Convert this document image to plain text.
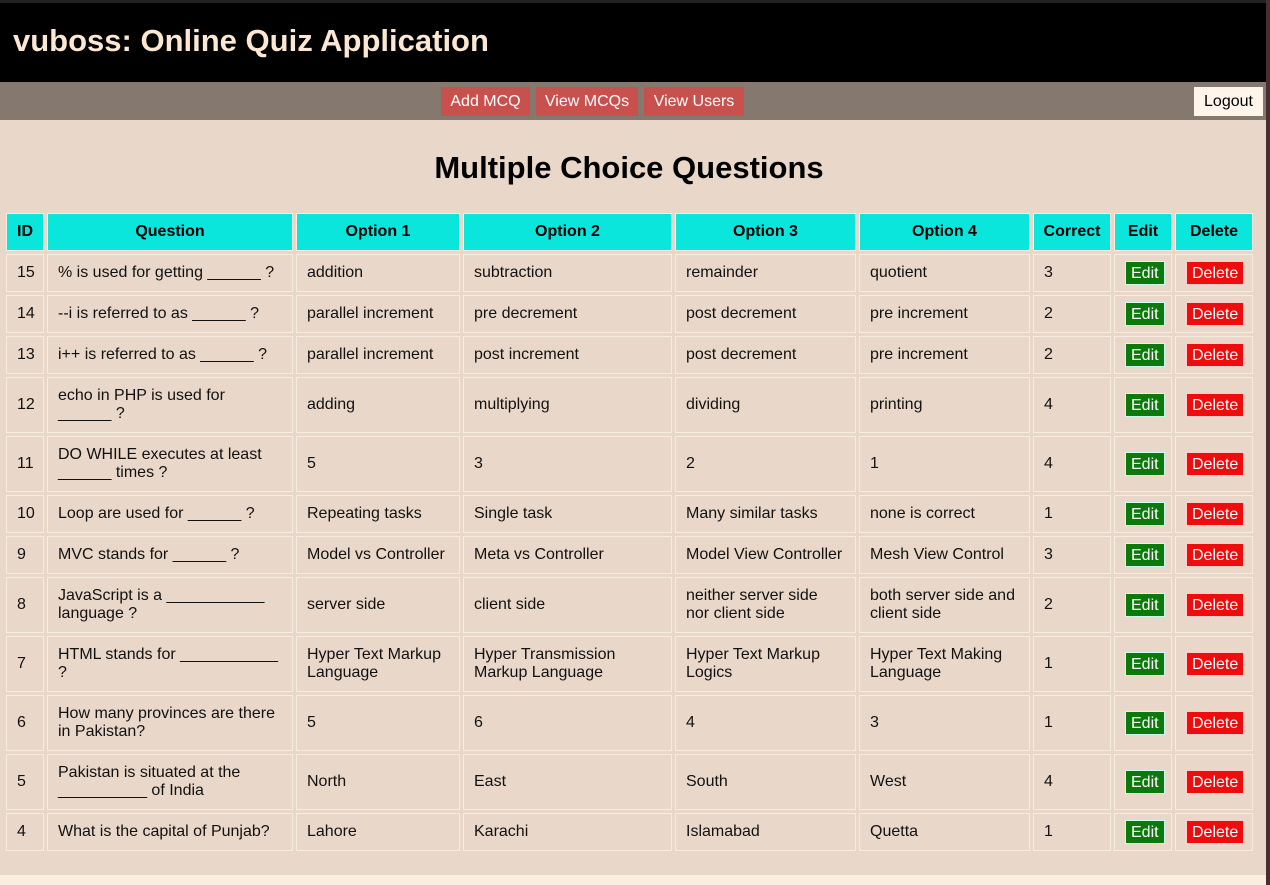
vuboss: Online Quiz Application
Add MCQ	View MCQs	View Users	Logout
Multiple Choice Questions
ID	Question	Option 1	Option 2	Option 3	Option 4	Correct	Edit	Delete
15	% is used for getting ______ ?	addition	subtraction	remainder	quotient	3	Edit	Delete
14	--i is referred to as ______ ?	parallel increment	pre decrement	post decrement	pre increment	2	Edit	Delete
13	i++ is referred to as ______ ?	parallel increment	post increment	post decrement	pre increment	2	Edit	Delete
12	echo in PHP is used for ______ ?	adding	multiplying	dividing	printing	4	Edit	Delete
11	DO WHILE executes at least ______ times ?	5	3	2	1	4	Edit	Delete
10	Loop are used for ______ ?	Repeating tasks	Single task	Many similar tasks	none is correct	1	Edit	Delete
9	MVC stands for ______ ?	Model vs Controller	Meta vs Controller	Model View Controller	Mesh View Control	3	Edit	Delete
8	JavaScript is a ___________ language ?	server side	client side	neither server side nor client side	both server side and client side	2	Edit	Delete
7	HTML stands for ___________ ?	Hyper Text Markup Language	Hyper Transmission Markup Language	Hyper Text Markup Logics	Hyper Text Making Language	1	Edit	Delete
6	How many provinces are there in Pakistan?	5	6	4	3	1	Edit	Delete
5	Pakistan is situated at the __________ of India	North	East	South	West	4	Edit	Delete
4	What is the capital of Punjab?	Lahore	Karachi	Islamabad	Quetta	1	Edit	Delete
